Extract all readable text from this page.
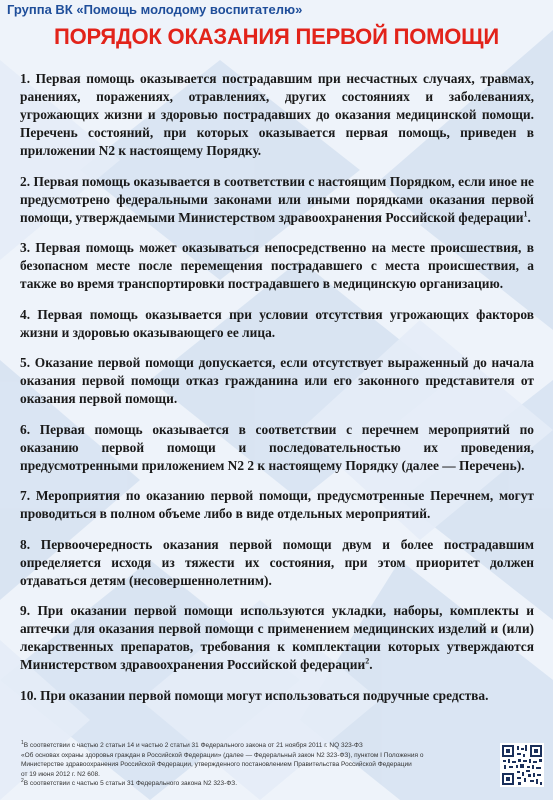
Группа ВК «Помощь молодому воспитателю»
ПОРЯДОК ОКАЗАНИЯ ПЕРВОЙ ПОМОЩИ

1. Первая помощь оказывается пострадавшим при несчастных случаях, травмах, ранениях, поражениях, отравлениях, других состояниях и заболеваниях, угрожающих жизни и здоровью пострадавших до оказания медицинской помощи. Перечень состояний, при которых оказывается первая помощь, приведен в приложении N2 к настоящему Порядку.

2. Первая помощь оказывается в соответствии с настоящим Порядком, если иное не предусмотрено федеральными законами или иными порядками оказания первой помощи, утверждаемыми Министерством здравоохранения Российской федерации$^1$.

3. Первая помощь может оказываться непосредственно на месте происшествия, в безопасном месте после перемещения пострадавшего с места происшествия, а также во время транспортировки пострадавшего в медицинскую организацию.

4. Первая помощь оказывается при условии отсутствия угрожающих факторов жизни и здоровью оказывающего ее лица.

5. Оказание первой помощи допускается, если отсутствует выраженный до начала оказания первой помощи отказ гражданина или его законного представителя от оказания первой помощи.

6. Первая помощь оказывается в соответствии с перечнем мероприятий по оказанию первой помощи и последовательностью их проведения, предусмотренными приложением N2 2 к настоящему Порядку (далее — Перечень).

7. Мероприятия по оказанию первой помощи, предусмотренные Перечнем, могут проводиться в полном объеме либо в виде отдельных мероприятий.

8. Первоочередность оказания первой помощи двум и более пострадавшим определяется исходя из тяжести их состояния, при этом приоритет должен отдаваться детям (несовершеннолетним).

9. При оказании первой помощи используются укладки, наборы, комплекты и аптечки для оказания первой помощи с применением медицинских изделий и (или) лекарственных препаратов, требования к комплектации которых утверждаются Министерством здравоохранения Российской федерации$^2$.

10. При оказании первой помощи могут использоваться подручные средства.

$^1$В соответствии с частью 2 статьи 14 и частью 2 статьи 31 Федерального закона от 21 ноября 2011 г. NQ 323-ФЗ
«Об основах охраны здоровья граждан в Российской Федерации» (далее — Федеральный закон N2 323-ФЗ), пунктом I Положения о
Министерстве здравоохранения Российской Федерации, утвержденного постановлением Правительства Российской Федерации
от 19 июня 2012 г. N2 608.
$^2$В соответствии с частью 5 статьи 31 Федерального закона N2 323-ФЗ.
